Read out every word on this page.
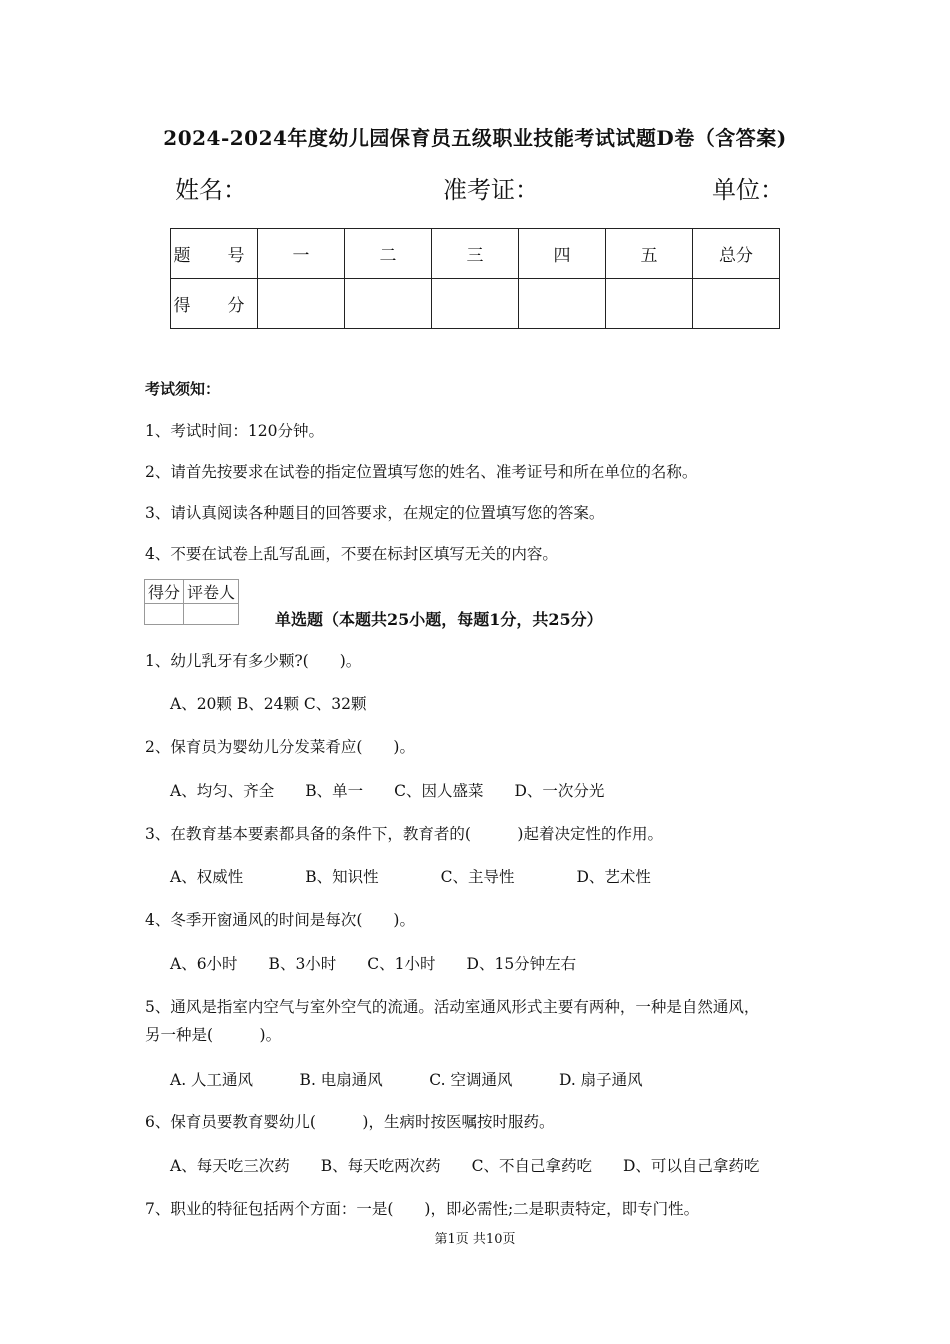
2024-2024年度幼儿园保育员五级职业技能考试试题D卷（含答案)
姓名：	准考证：	单位：
题　号	一	二	三	四	五	总分
得　分						
考试须知：
1、考试时间：120分钟。
2、请首先按要求在试卷的指定位置填写您的姓名、准考证号和所在单位的名称。
3、请认真阅读各种题目的回答要求，在规定的位置填写您的答案。
4、不要在试卷上乱写乱画，不要在标封区填写无关的内容。
得分	评卷人

单选题（本题共25小题，每题1分，共25分）
1、幼儿乳牙有多少颗?(　　)。
A、20颗 B、24颗 C、32颗
2、保育员为婴幼儿分发菜肴应(　　)。
A、均匀、齐全　　B、单一　　C、因人盛菜　　D、一次分光
3、在教育基本要素都具备的条件下，教育者的(　　　)起着决定性的作用。
A、权威性　　　　B、知识性　　　　C、主导性　　　　D、艺术性
4、冬季开窗通风的时间是每次(　　)。
A、6小时　　B、3小时　　C、1小时　　D、15分钟左右
5、通风是指室内空气与室外空气的流通。活动室通风形式主要有两种，一种是自然通风，
另一种是(　　　)。
A. 人工通风　　　B. 电扇通风　　　C. 空调通风　　　D. 扇子通风
6、保育员要教育婴幼儿(　　　)，生病时按医嘱按时服药。
A、每天吃三次药　　B、每天吃两次药　　C、不自己拿药吃　　D、可以自己拿药吃
7、职业的特征包括两个方面：一是(　　)，即必需性;二是职责特定，即专门性。
第1页 共10页
